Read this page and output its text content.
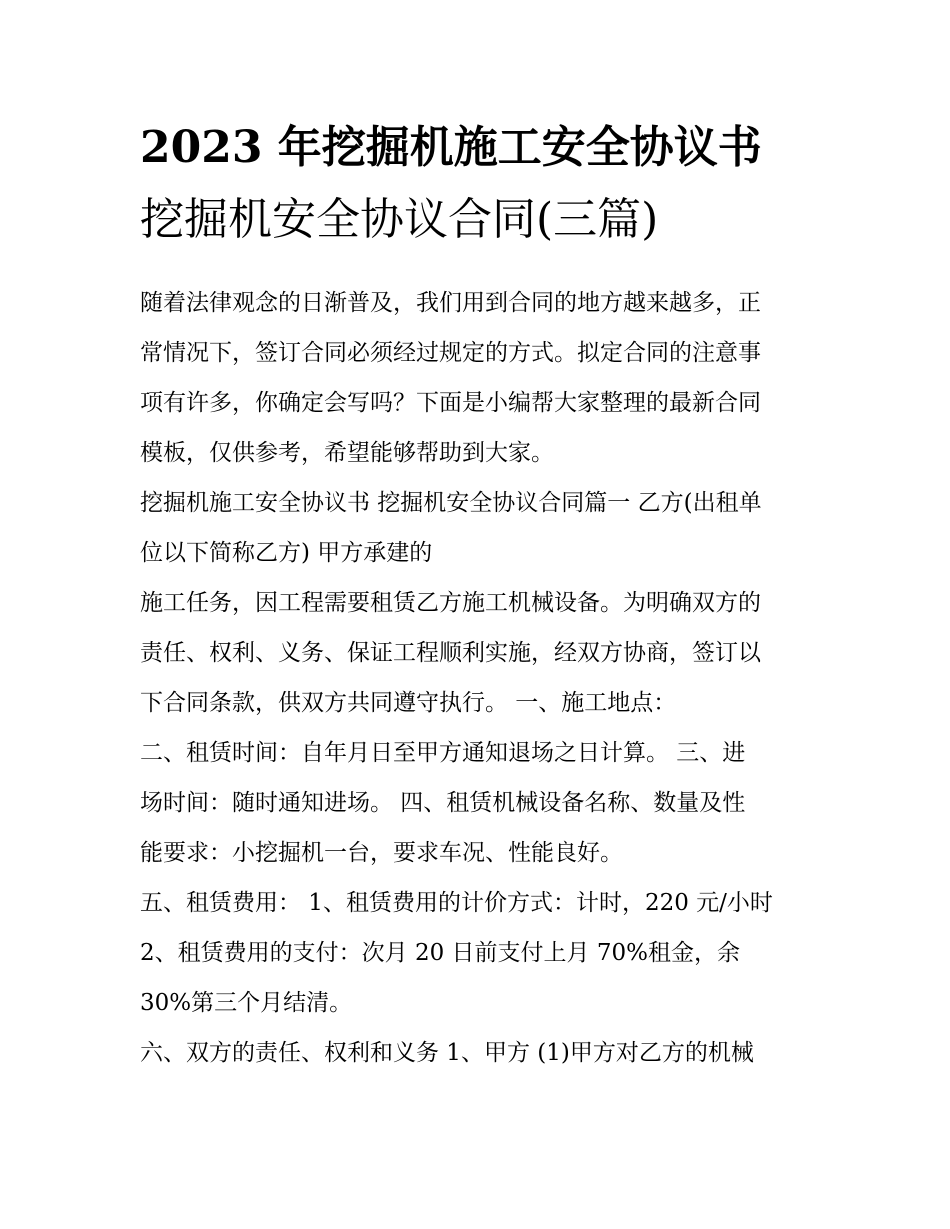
2023 年挖掘机施工安全协议书
挖掘机安全协议合同(三篇)
随着法律观念的日渐普及，我们用到合同的地方越来越多，正
常情况下，签订合同必须经过规定的方式。拟定合同的注意事
项有许多，你确定会写吗？下面是小编帮大家整理的最新合同
模板，仅供参考，希望能够帮助到大家。
挖掘机施工安全协议书 挖掘机安全协议合同篇一 乙方(出租单
位以下简称乙方) 甲方承建的
施工任务，因工程需要租赁乙方施工机械设备。为明确双方的
责任、权利、义务、保证工程顺利实施，经双方协商，签订以
下合同条款，供双方共同遵守执行。 一、施工地点：
二、租赁时间：自年月日至甲方通知退场之日计算。 三、进
场时间：随时通知进场。 四、租赁机械设备名称、数量及性
能要求：小挖掘机一台，要求车况、性能良好。
五、租赁费用： 1、租赁费用的计价方式：计时，220 元/小时
2、租赁费用的支付：次月 20 日前支付上月 70%租金，余
30%第三个月结清。
六、双方的责任、权利和义务 1、甲方 (1)甲方对乙方的机械
